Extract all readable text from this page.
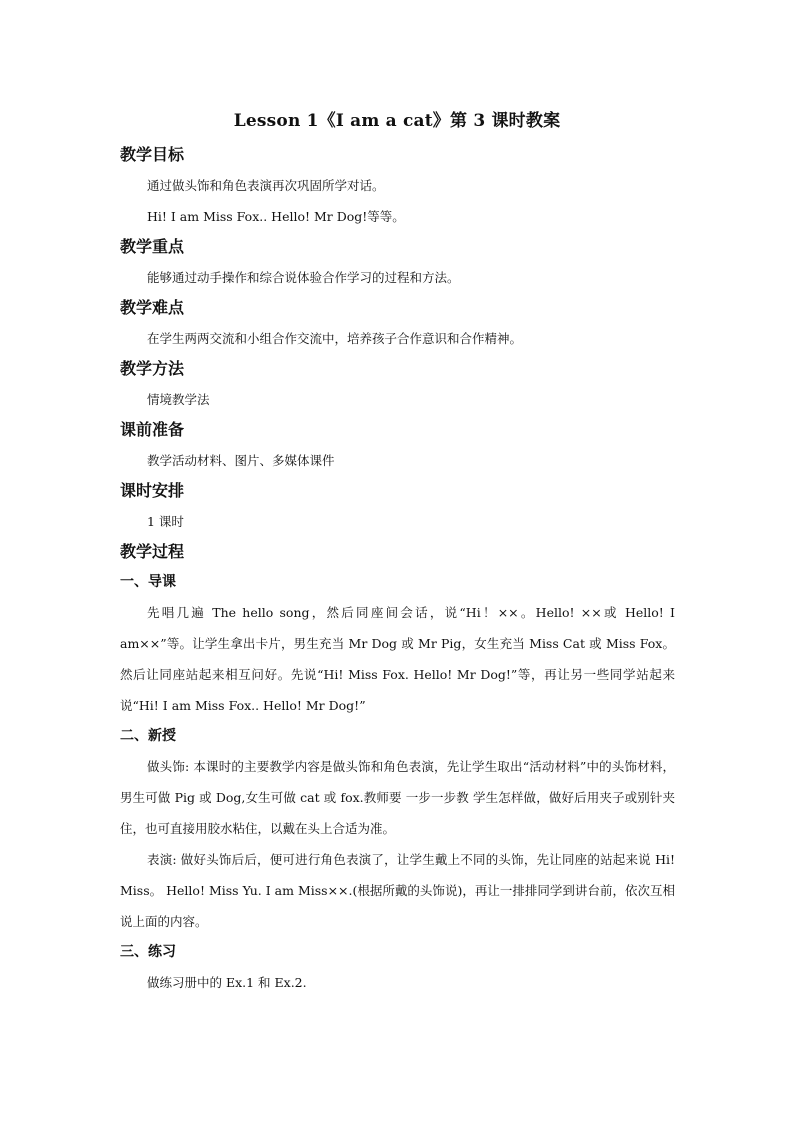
Lesson 1《I am a cat》第 3 课时教案
教学目标
通过做头饰和角色表演再次巩固所学对话。
Hi! I am Miss Fox.. Hello! Mr Dog!等等。
教学重点
能够通过动手操作和综合说体验合作学习的过程和方法。
教学难点
在学生两两交流和小组合作交流中，培养孩子合作意识和合作精神。
教学方法
情境教学法
课前准备
教学活动材料、图片、多媒体课件
课时安排
1 课时
教学过程
一、导课
先唱几遍 The hello song，然后同座间会话，说“Hi！××。Hello! ××或 Hello! I am××”等。让学生拿出卡片，男生充当 Mr Dog 或 Mr Pig，女生充当 Miss Cat 或 Miss Fox。然后让同座站起来相互问好。先说“Hi! Miss Fox. Hello! Mr Dog!”等，再让另一些同学站起来说“Hi! I am Miss Fox.. Hello! Mr Dog!”
二、新授
做头饰: 本课时的主要教学内容是做头饰和角色表演，先让学生取出“活动材料”中的头饰材料，男生可做 Pig 或 Dog,女生可做 cat 或 fox.教师要 一步一步教 学生怎样做，做好后用夹子或别针夹住，也可直接用胶水粘住，以戴在头上合适为准。
表演: 做好头饰后后，便可进行角色表演了，让学生戴上不同的头饰，先让同座的站起来说 Hi! Miss。 Hello! Miss Yu. I am Miss××.(根据所戴的头饰说)，再让一排排同学到讲台前，依次互相说上面的内容。
三、练习
做练习册中的 Ex.1 和 Ex.2.
